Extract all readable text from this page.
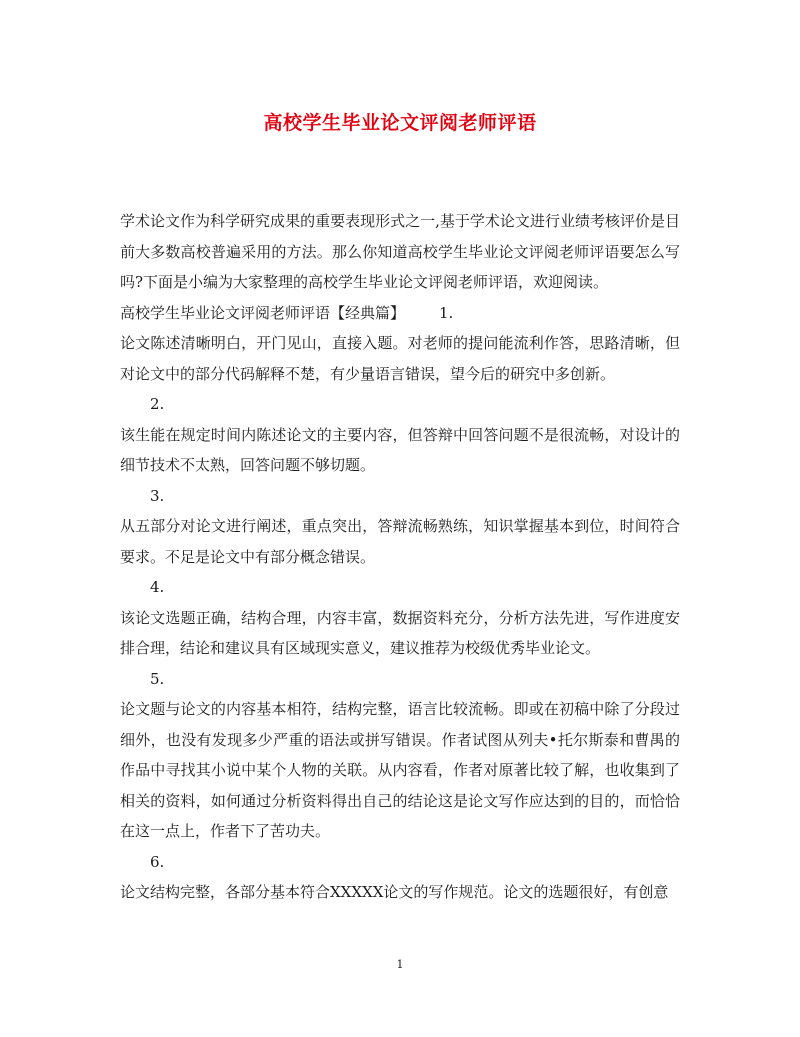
高校学生毕业论文评阅老师评语

学术论文作为科学研究成果的重要表现形式之一,基于学术论文进行业绩考核评价是目前大多数高校普遍采用的方法。那么你知道高校学生毕业论文评阅老师评语要怎么写吗?下面是小编为大家整理的高校学生毕业论文评阅老师评语，欢迎阅读。

高校学生毕业论文评阅老师评语【经典篇】 1.

论文陈述清晰明白，开门见山，直接入题。对老师的提问能流利作答，思路清晰，但对论文中的部分代码解释不楚，有少量语言错误，望今后的研究中多创新。

2.

该生能在规定时间内陈述论文的主要内容，但答辩中回答问题不是很流畅，对设计的细节技术不太熟，回答问题不够切题。

3.

从五部分对论文进行阐述，重点突出，答辩流畅熟练，知识掌握基本到位，时间符合要求。不足是论文中有部分概念错误。

4.

该论文选题正确，结构合理，内容丰富，数据资料充分，分析方法先进，写作进度安排合理，结论和建议具有区域现实意义，建议推荐为校级优秀毕业论文。

5.

论文题与论文的内容基本相符，结构完整，语言比较流畅。即或在初稿中除了分段过细外，也没有发现多少严重的语法或拼写错误。作者试图从列夫•托尔斯泰和曹禺的作品中寻找其小说中某个人物的关联。从内容看，作者对原著比较了解，也收集到了相关的资料，如何通过分析资料得出自己的结论这是论文写作应达到的目的，而恰恰在这一点上，作者下了苦功夫。

6.

论文结构完整，各部分基本符合XXXXX论文的写作规范。论文的选题很好，有创意

1
